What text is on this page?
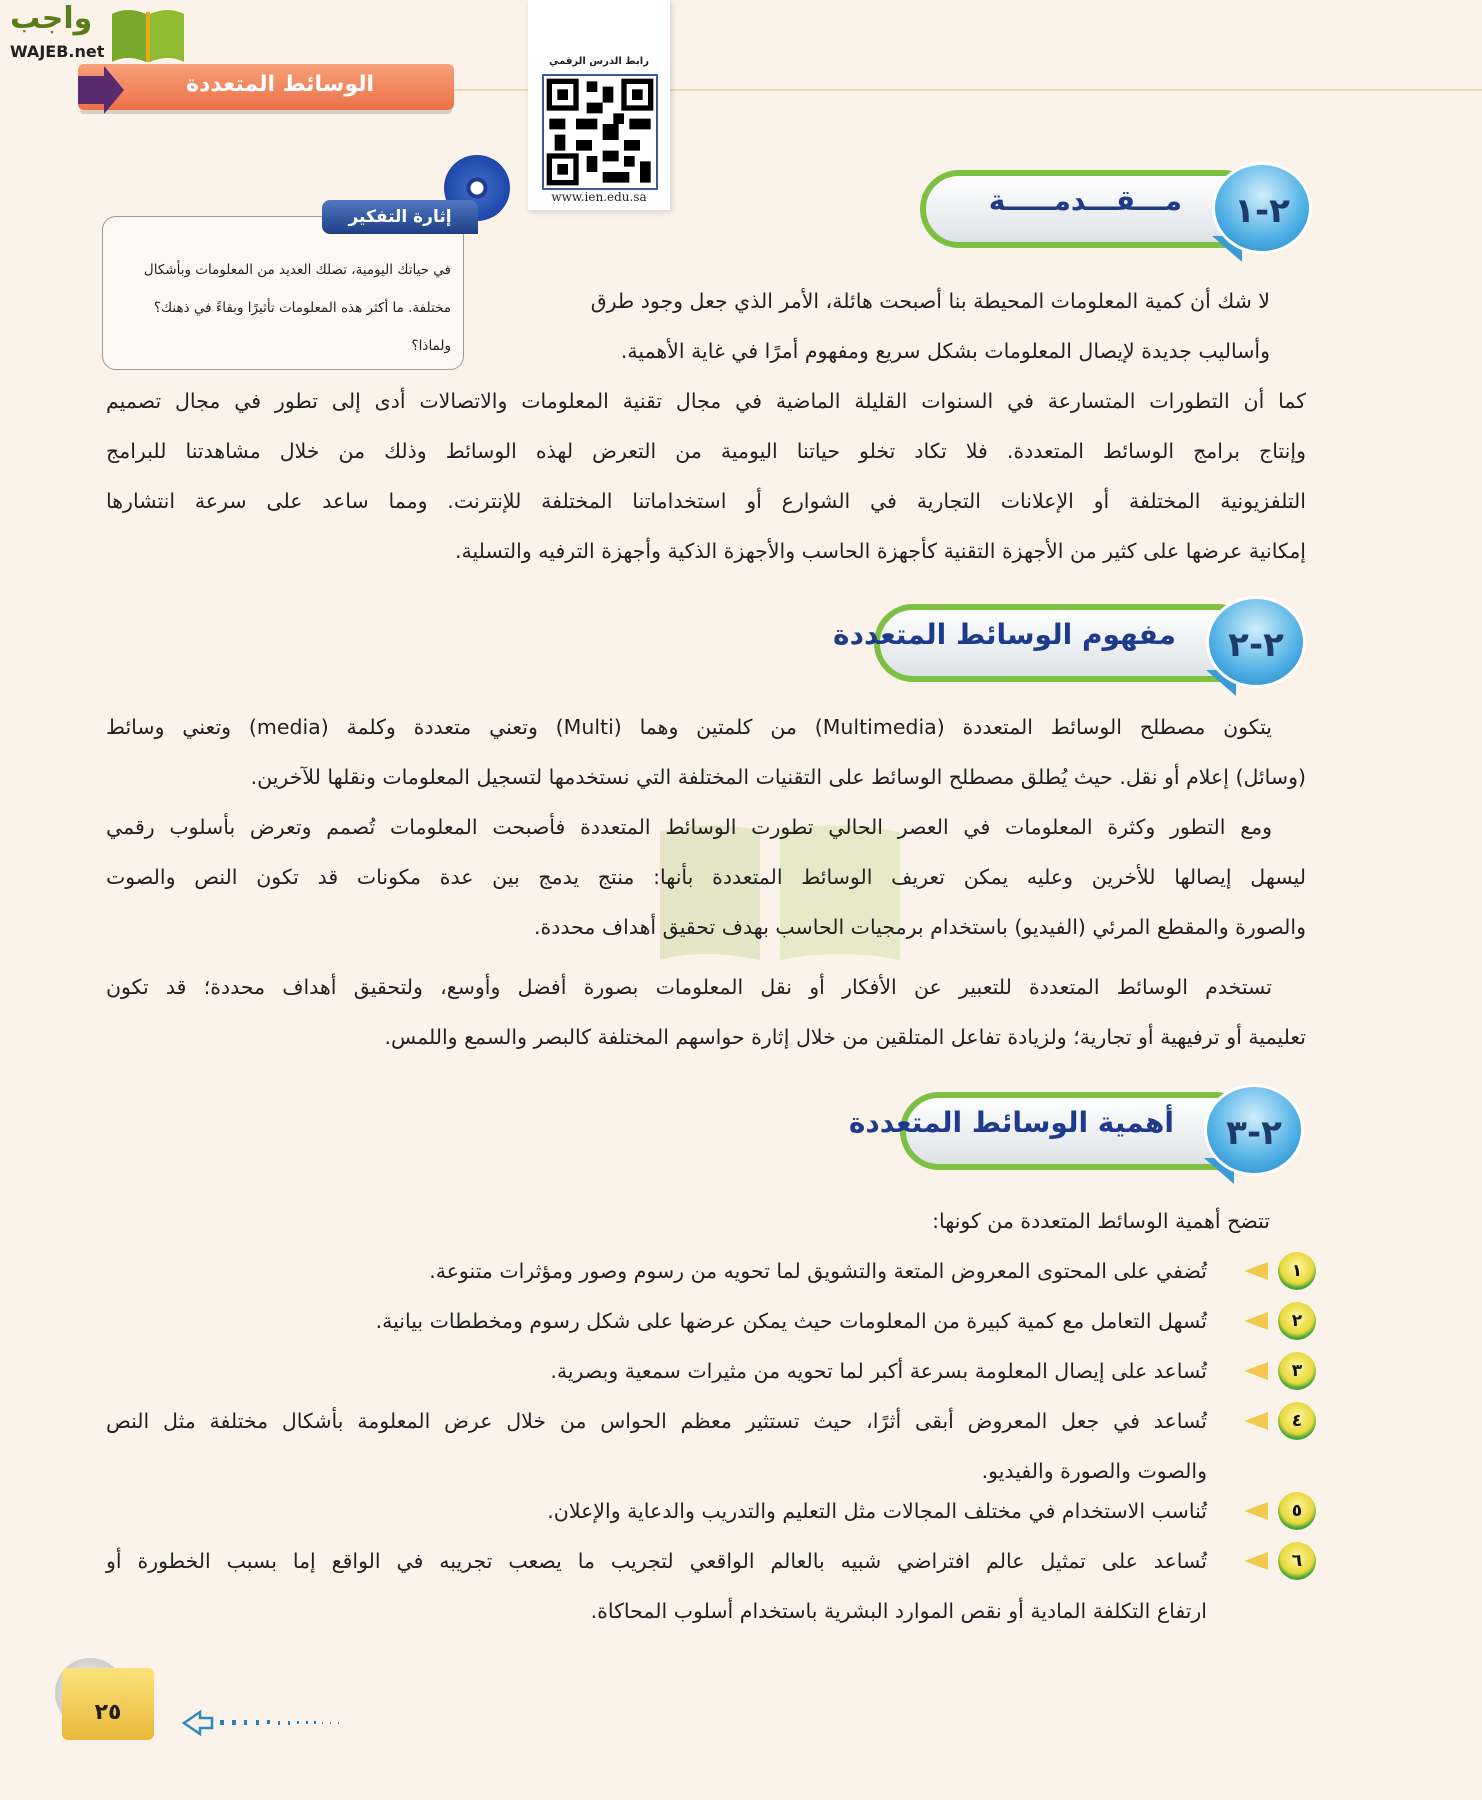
واجب
WAJEB.net
الوسائط المتعددة
رابط الدرس الرقمي
www.ien.edu.sa
في حياتك اليومية، تصلك العديد من المعلومات وبأشكال
مختلفة. ما أكثر هذه المعلومات تأثيرًا وبقاءً في ذهنك؟
ولماذا؟
إثارة التفكير	٢-١
مـــقـــدمـــــة
لا شك أن كمية المعلومات المحيطة بنا أصبحت هائلة، الأمر الذي جعل وجود طرق
وأساليب جديدة لإيصال المعلومات بشكل سريع ومفهوم أمرًا في غاية الأهمية.
كما أن التطورات المتسارعة في السنوات القليلة الماضية في مجال تقنية المعلومات والاتصالات أدى إلى تطور في مجال تصميم
وإنتاج برامج الوسائط المتعددة. فلا تكاد تخلو حياتنا اليومية من التعرض لهذه الوسائط وذلك من خلال مشاهدتنا للبرامج
التلفزيونية المختلفة أو الإعلانات التجارية في الشوارع أو استخداماتنا المختلفة للإنترنت. ومما ساعد على سرعة انتشارها
إمكانية عرضها على كثير من الأجهزة التقنية كأجهزة الحاسب والأجهزة الذكية وأجهزة الترفيه والتسلية.
٢-٢
مفهوم الوسائط المتعددة
يتكون مصطلح الوسائط المتعددة (Multimedia) من كلمتين وهما (Multi) وتعني متعددة وكلمة (media) وتعني وسائط
(وسائل) إعلام أو نقل. حيث يُطلق مصطلح الوسائط على التقنيات المختلفة التي نستخدمها لتسجيل المعلومات ونقلها للآخرين.
ومع التطور وكثرة المعلومات في العصر الحالي تطورت الوسائط المتعددة فأصبحت المعلومات تُصمم وتعرض بأسلوب رقمي
ليسهل إيصالها للأخرين وعليه يمكن تعريف الوسائط المتعددة بأنها: منتج يدمج بين عدة مكونات قد تكون النص والصوت
والصورة والمقطع المرئي (الفيديو) باستخدام برمجيات الحاسب بهدف تحقيق أهداف محددة.
تستخدم الوسائط المتعددة للتعبير عن الأفكار أو نقل المعلومات بصورة أفضل وأوسع، ولتحقيق أهداف محددة؛ قد تكون
تعليمية أو ترفيهية أو تجارية؛ ولزيادة تفاعل المتلقين من خلال إثارة حواسهم المختلفة كالبصر والسمع واللمس.
٢-٣
أهمية الوسائط المتعددة
تتضح أهمية الوسائط المتعددة من كونها:
١
تُضفي على المحتوى المعروض المتعة والتشويق لما تحويه من رسوم وصور ومؤثرات متنوعة.
٢
تُسهل التعامل مع كمية كبيرة من المعلومات حيث يمكن عرضها على شكل رسوم ومخططات بيانية.
٣
تُساعد على إيصال المعلومة بسرعة أكبر لما تحويه من مثيرات سمعية وبصرية.
٤
تُساعد في جعل المعروض أبقى أثرًا، حيث تستثير معظم الحواس من خلال عرض المعلومة بأشكال مختلفة مثل النص
والصوت والصورة والفيديو.
٥
تُناسب الاستخدام في مختلف المجالات مثل التعليم والتدريب والدعاية والإعلان.
٦
تُساعد على تمثيل عالم افتراضي شبيه بالعالم الواقعي لتجريب ما يصعب تجريبه في الواقع إما بسبب الخطورة أو
ارتفاع التكلفة المادية أو نقص الموارد البشرية باستخدام أسلوب المحاكاة.
٢٥
